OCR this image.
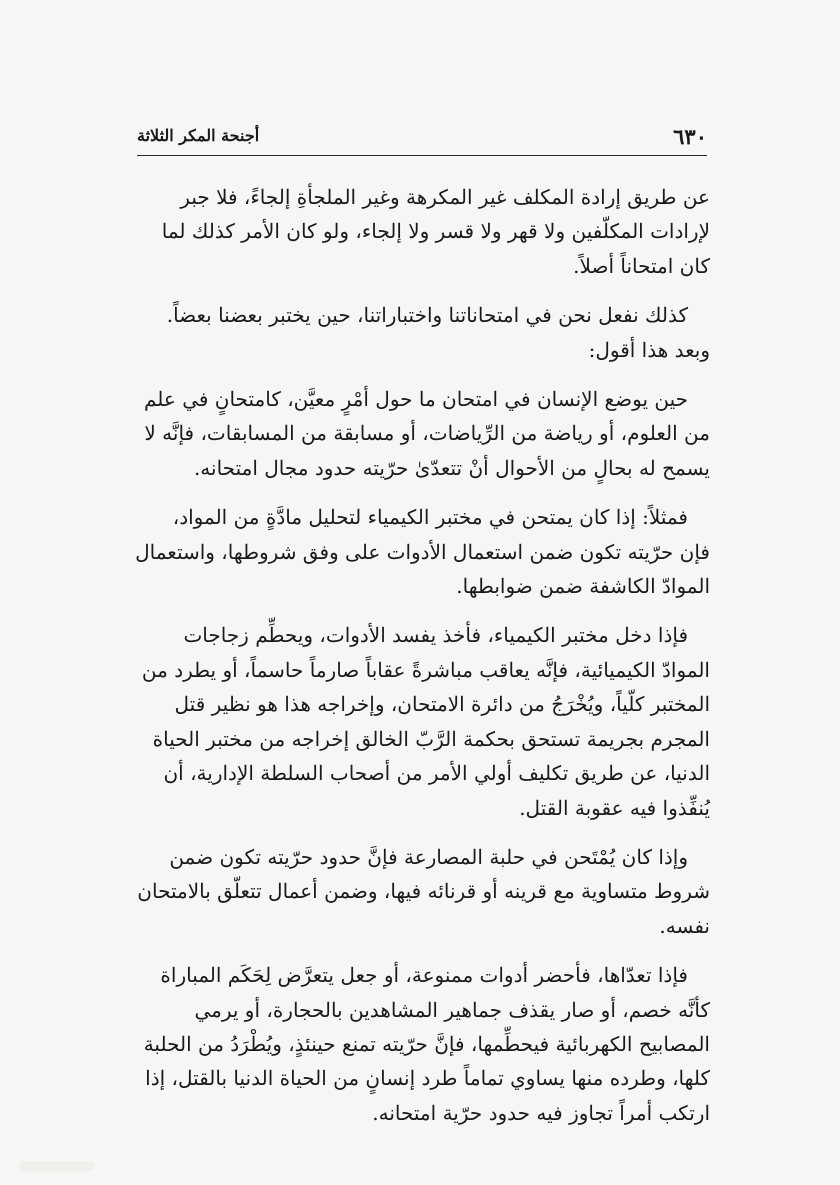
٦٣٠
أجنحة المكر الثلاثة

عن طريق إرادة المكلف غير المكرهة وغير الملجأةِ إلجاءً، فلا جبر
لإرادات المكلّفين ولا قهر ولا قسر ولا إلجاء، ولو كان الأمر كذلك لما
كان امتحاناً أصلاً.

كذلك نفعل نحن في امتحاناتنا واختباراتنا، حين يختبر بعضنا بعضاً.
وبعد هذا أقول:

حين يوضع الإنسان في امتحان ما حول أمْرٍ معيَّن، كامتحانٍ في علم
من العلوم، أو رياضة من الرِّياضات، أو مسابقة من المسابقات، فإنَّه لا
يسمح له بحالٍ من الأحوال أنْ تتعدّىٰ حرّيته حدود مجال امتحانه.

فمثلاً: إذا كان يمتحن في مختبر الكيمياء لتحليل مادَّةٍ من المواد،
فإن حرّيته تكون ضمن استعمال الأدوات على وفق شروطها، واستعمال
الموادّ الكاشفة ضمن ضوابطها.

فإذا دخل مختبر الكيمياء، فأخذ يفسد الأدوات، ويحطِّم زجاجات
الموادّ الكيميائية، فإنَّه يعاقب مباشرةً عقاباً صارماً حاسماً، أو يطرد من
المختبر كلّياً، ويُخْرَجُ من دائرة الامتحان، وإخراجه هذا هو نظير قتل
المجرم بجريمة تستحق بحكمة الرَّبّ الخالق إخراجه من مختبر الحياة
الدنيا، عن طريق تكليف أولي الأمر من أصحاب السلطة الإدارية، أن
يُنفِّذوا فيه عقوبة القتل.

وإذا كان يُمْتَحن في حلبة المصارعة فإنَّ حدود حرّيته تكون ضمن
شروط متساوية مع قرينه أو قرنائه فيها، وضمن أعمال تتعلّق بالامتحان
نفسه.

فإذا تعدّاها، فأحضر أدوات ممنوعة، أو جعل يتعرَّض لِحَكَم المباراة
كأنَّه خصم، أو صار يقذف جماهير المشاهدين بالحجارة، أو يرمي
المصابيح الكهربائية فيحطِّمها، فإنَّ حرّيته تمنع حينئذٍ، ويُطْرَدُ من الحلبة
كلها، وطرده منها يساوي تماماً طرد إنسانٍ من الحياة الدنيا بالقتل، إذا
ارتكب أمراً تجاوز فيه حدود حرّية امتحانه.
